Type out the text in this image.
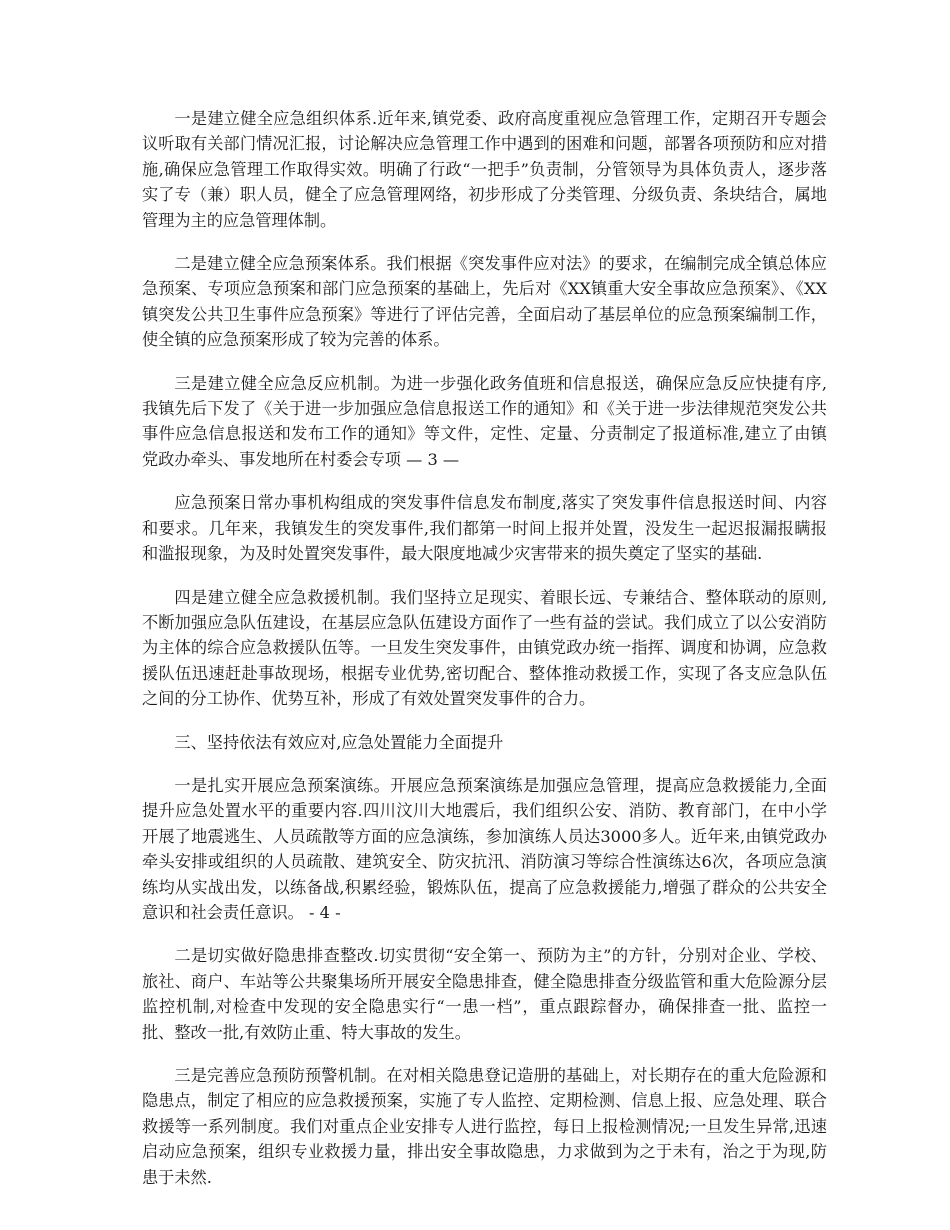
一是建立健全应急组织体系.近年来,镇党委、政府高度重视应急管理工作，定期召开专题会议听取有关部门情况汇报，讨论解决应急管理工作中遇到的困难和问题，部署各项预防和应对措施,确保应急管理工作取得实效。明确了行政“一把手”负责制，分管领导为具体负责人，逐步落实了专（兼）职人员，健全了应急管理网络，初步形成了分类管理、分级负责、条块结合，属地管理为主的应急管理体制。

二是建立健全应急预案体系。我们根据《突发事件应对法》的要求，在编制完成全镇总体应急预案、专项应急预案和部门应急预案的基础上，先后对《XX镇重大安全事故应急预案》、《XX镇突发公共卫生事件应急预案》等进行了评估完善，全面启动了基层单位的应急预案编制工作，使全镇的应急预案形成了较为完善的体系。

三是建立健全应急反应机制。为进一步强化政务值班和信息报送，确保应急反应快捷有序,我镇先后下发了《关于进一步加强应急信息报送工作的通知》和《关于进一步法律规范突发公共事件应急信息报送和发布工作的通知》等文件，定性、定量、分责制定了报道标准,建立了由镇党政办牵头、事发地所在村委会专项 — 3 —

应急预案日常办事机构组成的突发事件信息发布制度,落实了突发事件信息报送时间、内容和要求。几年来，我镇发生的突发事件,我们都第一时间上报并处置，没发生一起迟报漏报瞒报和滥报现象，为及时处置突发事件，最大限度地减少灾害带来的损失奠定了坚实的基础.

四是建立健全应急救援机制。我们坚持立足现实、着眼长远、专兼结合、整体联动的原则,不断加强应急队伍建设，在基层应急队伍建设方面作了一些有益的尝试。我们成立了以公安消防为主体的综合应急救援队伍等。一旦发生突发事件，由镇党政办统一指挥、调度和协调，应急救援队伍迅速赶赴事故现场，根据专业优势,密切配合、整体推动救援工作，实现了各支应急队伍之间的分工协作、优势互补，形成了有效处置突发事件的合力。

三、坚持依法有效应对,应急处置能力全面提升

一是扎实开展应急预案演练。开展应急预案演练是加强应急管理，提高应急救援能力,全面提升应急处置水平的重要内容.四川汶川大地震后，我们组织公安、消防、教育部门，在中小学开展了地震逃生、人员疏散等方面的应急演练，参加演练人员达3000多人。近年来,由镇党政办牵头安排或组织的人员疏散、建筑安全、防灾抗汛、消防演习等综合性演练达6次，各项应急演练均从实战出发，以练备战,积累经验，锻炼队伍，提高了应急救援能力,增强了群众的公共安全意识和社会责任意识。 - 4 -

二是切实做好隐患排查整改.切实贯彻“安全第一、预防为主”的方针，分别对企业、学校、旅社、商户、车站等公共聚集场所开展安全隐患排查，健全隐患排查分级监管和重大危险源分层监控机制,对检查中发现的安全隐患实行“一患一档”，重点跟踪督办，确保排查一批、监控一批、整改一批,有效防止重、特大事故的发生。

三是完善应急预防预警机制。在对相关隐患登记造册的基础上，对长期存在的重大危险源和隐患点，制定了相应的应急救援预案，实施了专人监控、定期检测、信息上报、应急处理、联合救援等一系列制度。我们对重点企业安排专人进行监控，每日上报检测情况;一旦发生异常,迅速启动应急预案，组织专业救援力量，排出安全事故隐患，力求做到为之于未有，治之于为现,防患于未然.
